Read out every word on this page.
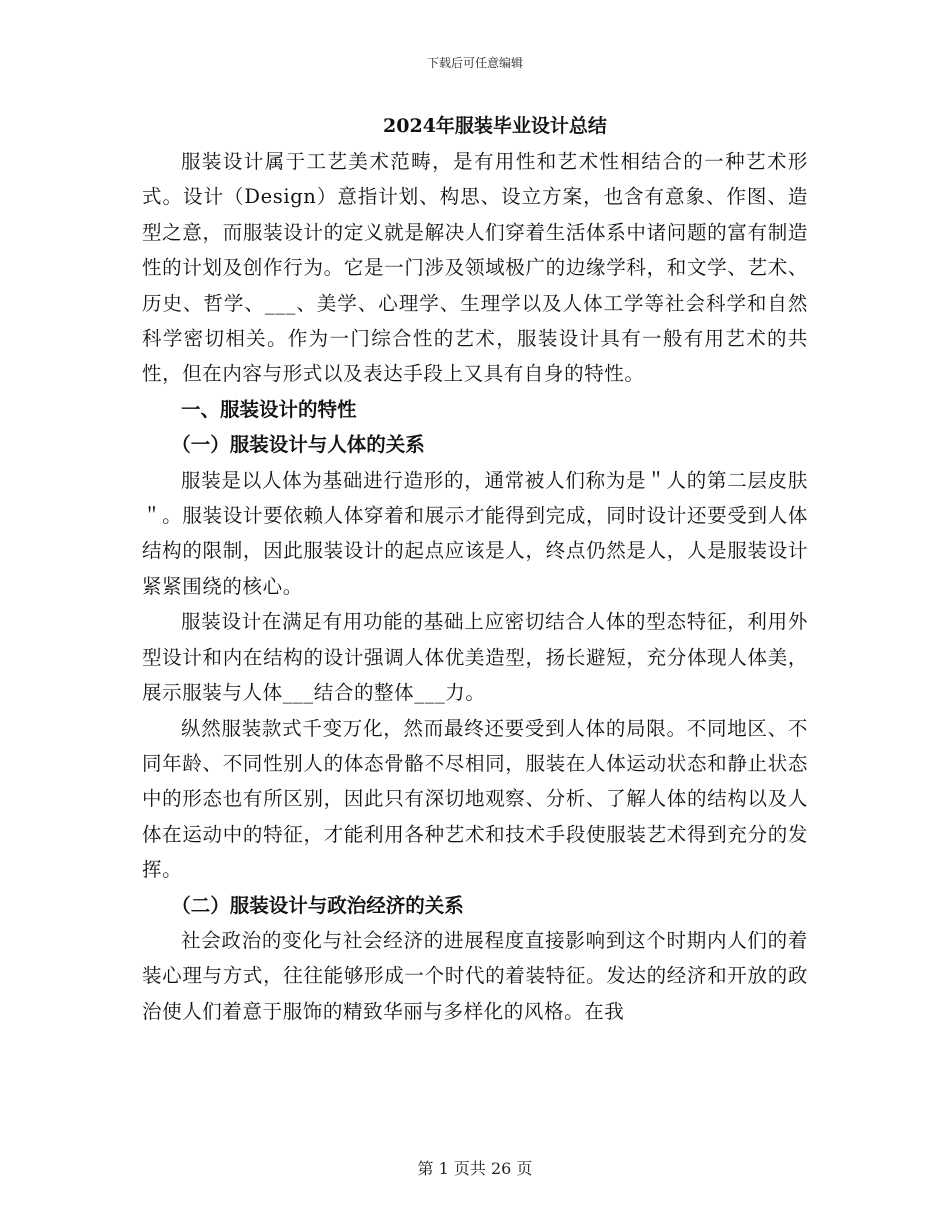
下载后可任意编辑
2024年服装毕业设计总结

服装设计属于工艺美术范畴，是有用性和艺术性相结合的一种艺术形式。设计（Design）意指计划、构思、设立方案，也含有意象、作图、造型之意，而服装设计的定义就是解决人们穿着生活体系中诸问题的富有制造性的计划及创作行为。它是一门涉及领域极广的边缘学科，和文学、艺术、历史、哲学、___、美学、心理学、生理学以及人体工学等社会科学和自然科学密切相关。作为一门综合性的艺术，服装设计具有一般有用艺术的共性，但在内容与形式以及表达手段上又具有自身的特性。

一、服装设计的特性

（一）服装设计与人体的关系

服装是以人体为基础进行造形的，通常被人们称为是＂人的第二层皮肤＂。服装设计要依赖人体穿着和展示才能得到完成，同时设计还要受到人体结构的限制，因此服装设计的起点应该是人，终点仍然是人，人是服装设计紧紧围绕的核心。

服装设计在满足有用功能的基础上应密切结合人体的型态特征，利用外型设计和内在结构的设计强调人体优美造型，扬长避短，充分体现人体美，展示服装与人体___结合的整体___力。

纵然服装款式千变万化，然而最终还要受到人体的局限。不同地区、不同年龄、不同性别人的体态骨骼不尽相同，服装在人体运动状态和静止状态中的形态也有所区别，因此只有深切地观察、分析、了解人体的结构以及人体在运动中的特征，才能利用各种艺术和技术手段使服装艺术得到充分的发挥。

（二）服装设计与政治经济的关系

社会政治的变化与社会经济的进展程度直接影响到这个时期内人们的着装心理与方式，往往能够形成一个时代的着装特征。发达的经济和开放的政治使人们着意于服饰的精致华丽与多样化的风格。在我

第 1 页共 26 页
